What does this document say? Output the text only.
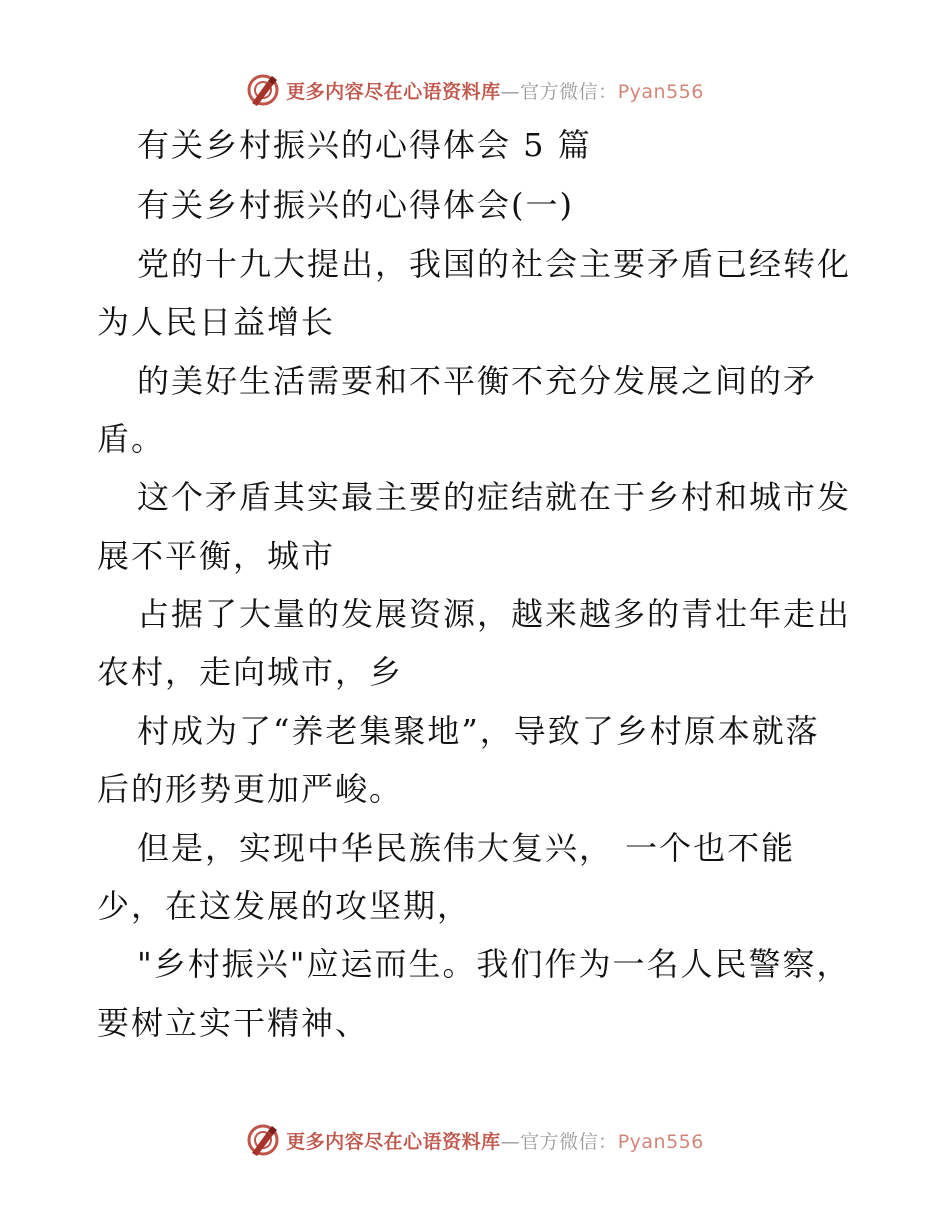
更多内容尽在心语资料库—官方微信：Pyan556
有关乡村振兴的心得体会 5 篇
有关乡村振兴的心得体会(一)
党的十九大提出，我国的社会主要矛盾已经转化
为人民日益增长
的美好生活需要和不平衡不充分发展之间的矛
盾。
这个矛盾其实最主要的症结就在于乡村和城市发
展不平衡，城市
占据了大量的发展资源，越来越多的青壮年走出
农村，走向城市，乡
村成为了“养老集聚地”，导致了乡村原本就落
后的形势更加严峻。
但是，实现中华民族伟大复兴， 一个也不能
少，在这发展的攻坚期，
"乡村振兴"应运而生。我们作为一名人民警察，
要树立实干精神、
更多内容尽在心语资料库—官方微信：Pyan556
